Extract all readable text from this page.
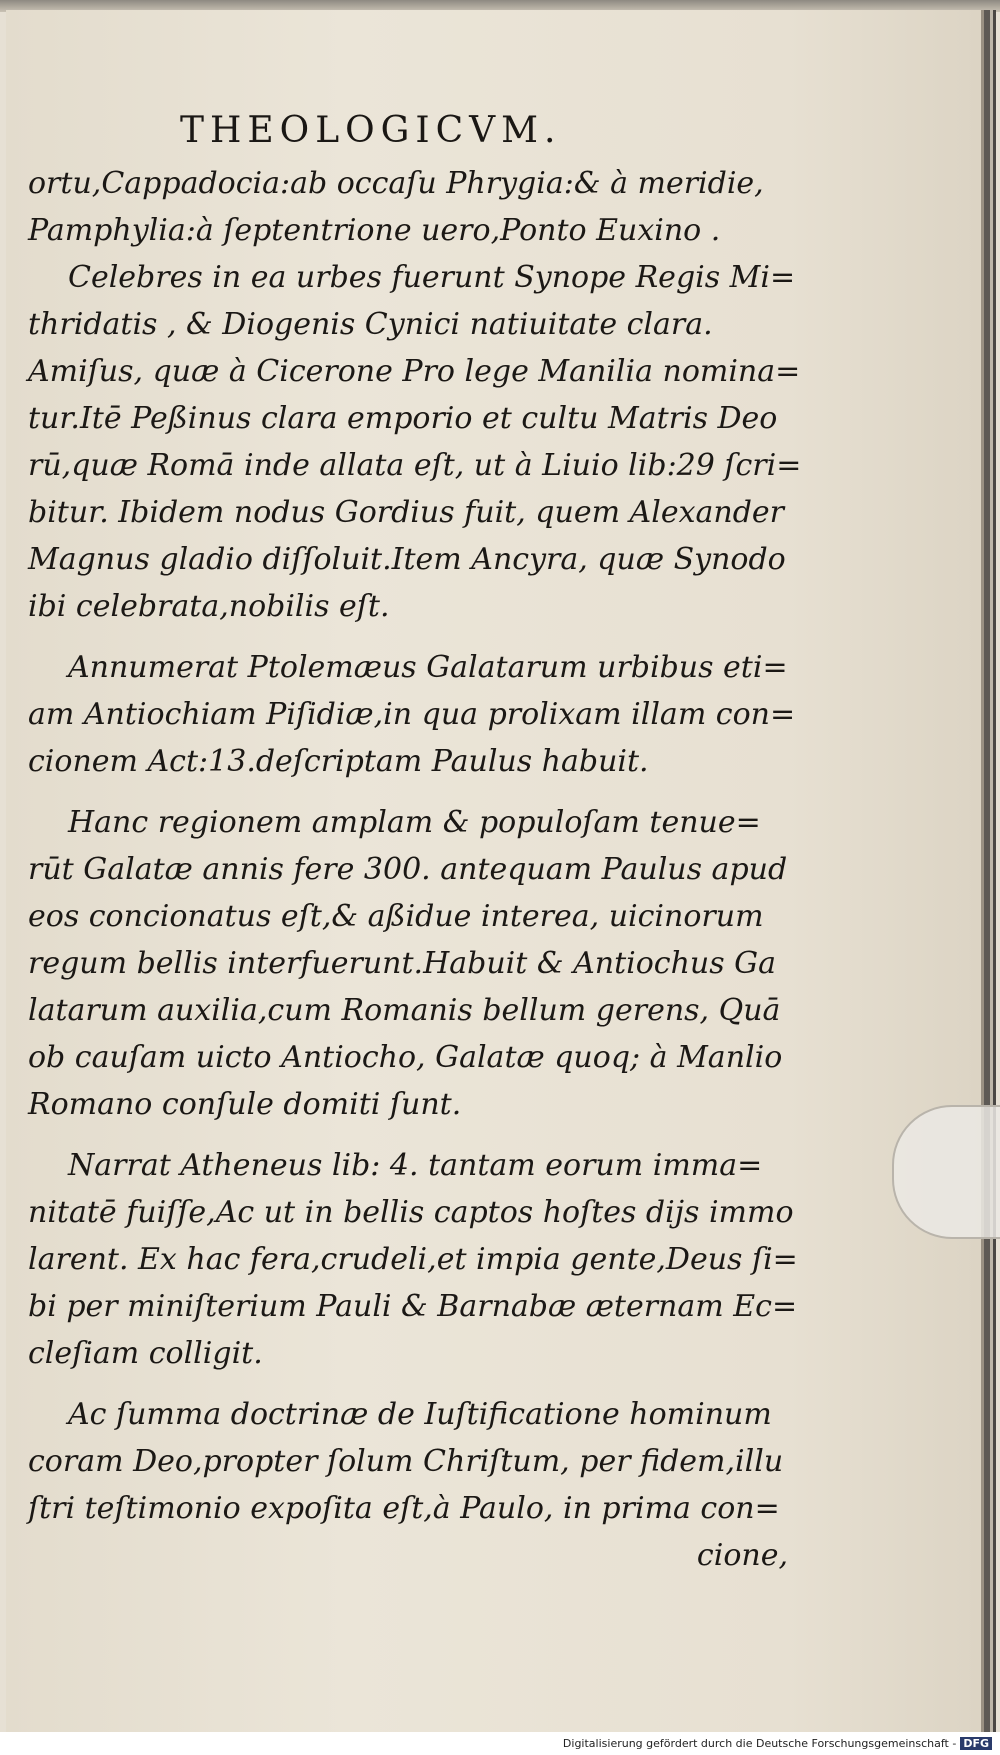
THEOLOGICVM.
ortu,Cappadocia:ab occaſu Phrygia:& à meridie,
Pamphylia:à ſeptentrione uero,Ponto Euxino .
Celebres in ea urbes fuerunt Synope Regis Mi=
thridatis , & Diogenis Cynici natiuitate clara.
Amiſus, quæ à Cicerone Pro lege Manilia nomina=
tur.Itē Peßinus clara emporio et cultu Matris Deo
rū,quæ Romā inde allata eſt, ut à Liuio lib:29 ſcri=
bitur. Ibidem nodus Gordius fuit, quem Alexander
Magnus gladio diſſoluit.Item Ancyra, quæ Synodo
ibi celebrata,nobilis eſt.
Annumerat Ptolemæus Galatarum urbibus eti=
am Antiochiam Piſidiæ,in qua prolixam illam con=
cionem Act:13.deſcriptam Paulus habuit.
Hanc regionem amplam & populoſam tenue=
rūt Galatæ annis fere 300. antequam Paulus apud
eos concionatus eſt,& aßidue interea, uicinorum
regum bellis interfuerunt.Habuit & Antiochus Ga
latarum auxilia,cum Romanis bellum gerens, Quā
ob cauſam uicto Antiocho, Galatæ quoq; à Manlio
Romano conſule domiti ſunt.
Narrat Atheneus lib: 4. tantam eorum imma=
nitatē fuiſſe,Ac ut in bellis captos hoſtes dijs immo
larent. Ex hac fera,crudeli,et impia gente,Deus ſi=
bi per miniſterium Pauli & Barnabæ æternam Ec=
cleſiam colligit.
Ac ſumma doctrinæ de Iuſtificatione hominum
coram Deo,propter ſolum Chriſtum, per fidem,illu
ſtri teſtimonio expoſita eſt,à Paulo, in prima con=
cione,
Digitalisierung gefördert durch die Deutsche Forschungsgemeinschaft - DFG
